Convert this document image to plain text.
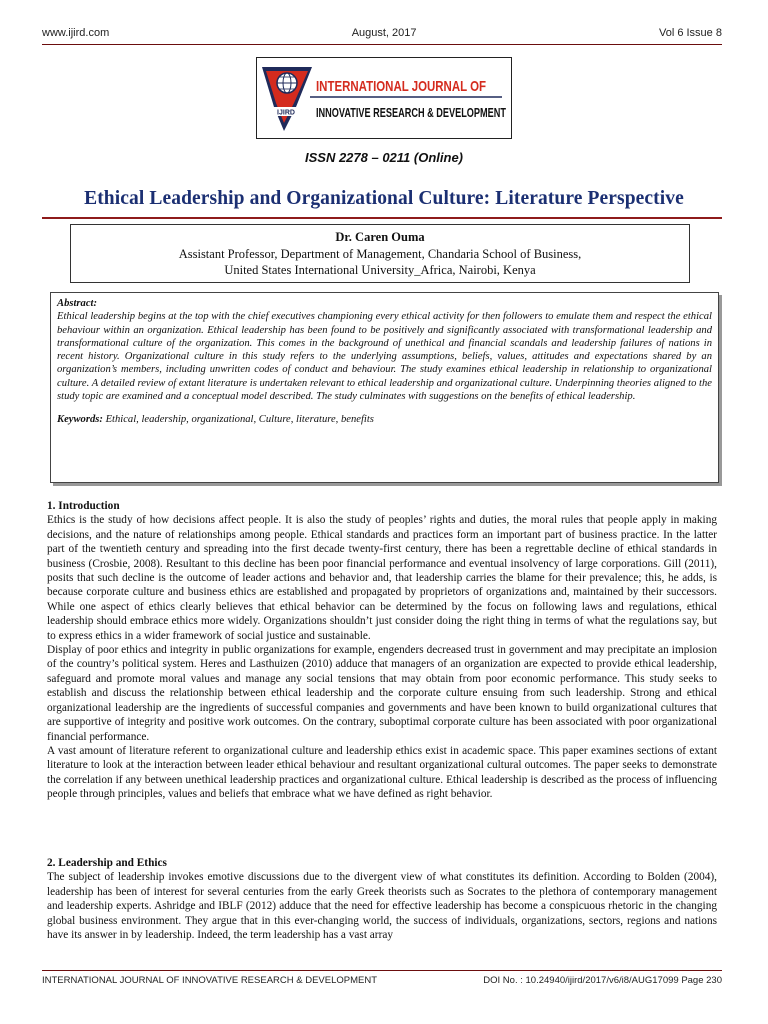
www.ijird.com	August, 2017	Vol 6 Issue 8
IJIRD
INTERNATIONAL JOURNAL OF
INNOVATIVE RESEARCH & DEVELOPMENT
ISSN 2278 – 0211 (Online)
Ethical Leadership and Organizational Culture: Literature Perspective
Dr. Caren Ouma
Assistant Professor, Department of Management, Chandaria School of Business,
United States International University_Africa, Nairobi, Kenya
Abstract:
Ethical leadership begins at the top with the chief executives championing every ethical activity for then followers to emulate them and respect the ethical behaviour within an organization. Ethical leadership has been found to be positively and significantly associated with transformational leadership and transformational culture of the organization. This comes in the background of unethical and financial scandals and leadership failures of nations in recent history. Organizational culture in this study refers to the underlying assumptions, beliefs, values, attitudes and expectations shared by an organization’s members, including unwritten codes of conduct and behaviour. The study examines ethical leadership in relationship to organizational culture. A detailed review of extant literature is undertaken relevant to ethical leadership and organizational culture. Underpinning theories aligned to the study topic are examined and a conceptual model described. The study culminates with suggestions on the benefits of ethical leadership.
Keywords: Ethical, leadership, organizational, Culture, literature, benefits
1. Introduction

Ethics is the study of how decisions affect people. It is also the study of peoples’ rights and duties, the moral rules that people apply in making decisions, and the nature of relationships among people. Ethical standards and practices form an important part of business practice. In the latter part of the twentieth century and spreading into the first decade twenty-first century, there has been a regrettable decline of ethical standards in business (Crosbie, 2008). Resultant to this decline has been poor financial performance and eventual insolvency of large corporations. Gill (2011), posits that such decline is the outcome of leader actions and behavior and, that leadership carries the blame for their prevalence; this, he adds, is because corporate culture and business ethics are established and propagated by proprietors of organizations and, maintained by their successors. While one aspect of ethics clearly believes that ethical behavior can be determined by the focus on following laws and regulations, ethical leadership should embrace ethics more widely. Organizations shouldn’t just consider doing the right thing in terms of what the regulations say, but to express ethics in a wider framework of social justice and sustainable.

Display of poor ethics and integrity in public organizations for example, engenders decreased trust in government and may precipitate an implosion of the country’s political system. Heres and Lasthuizen (2010) adduce that managers of an organization are expected to provide ethical leadership, safeguard and promote moral values and manage any social tensions that may obtain from poor economic performance. This study seeks to establish and discuss the relationship between ethical leadership and the corporate culture ensuing from such leadership. Strong and ethical organizational leadership are the ingredients of successful companies and governments and have been known to build organizational cultures that are supportive of integrity and positive work outcomes. On the contrary, suboptimal corporate culture has been associated with poor organizational financial performance.

A vast amount of literature referent to organizational culture and leadership ethics exist in academic space. This paper examines sections of extant literature to look at the interaction between leader ethical behaviour and resultant organizational cultural outcomes. The paper seeks to demonstrate the correlation if any between unethical leadership practices and organizational culture. Ethical leadership is described as the process of influencing people through principles, values and beliefs that embrace what we have defined as right behavior.

2. Leadership and Ethics

The subject of leadership invokes emotive discussions due to the divergent view of what constitutes its definition. According to Bolden (2004), leadership has been of interest for several centuries from the early Greek theorists such as Socrates to the plethora of contemporary management and leadership experts. Ashridge and IBLF (2012) adduce that the need for effective leadership has become a conspicuous rhetoric in the changing global business environment. They argue that in this ever-changing world, the success of individuals, organizations, sectors, regions and nations have its answer in by leadership. Indeed, the term leadership has a vast array

INTERNATIONAL JOURNAL OF INNOVATIVE RESEARCH & DEVELOPMENT	DOI No. : 10.24940/ijird/2017/v6/i8/AUG17099 Page 230
